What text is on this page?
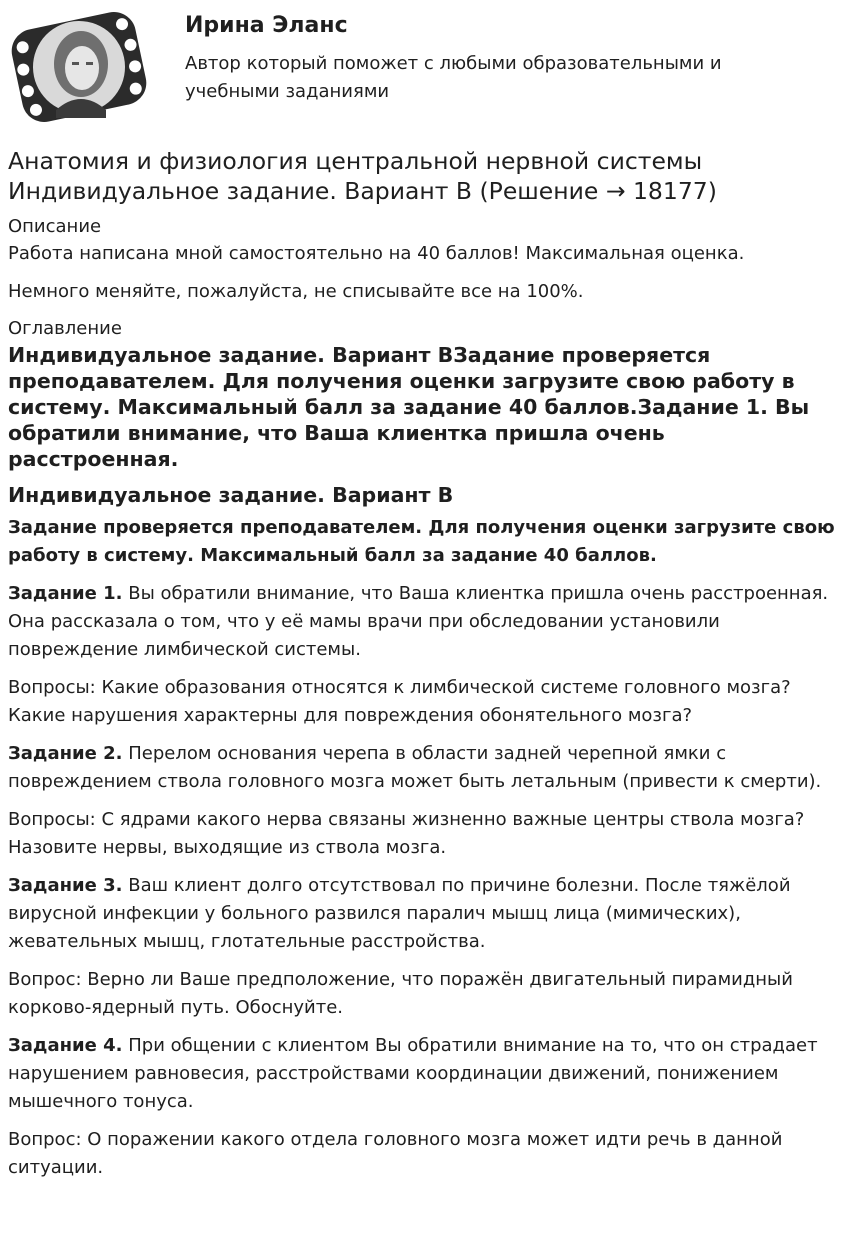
Ирина Эланс

Автор который поможет с любыми образовательными и учебными заданиями

Анатомия и физиология центральной нервной системы
Индивидуальное задание. Вариант В (Решение → 18177)
Описание

Работа написана мной самостоятельно на 40 баллов! Максимальная оценка.

Немного меняйте, пожалуйста, не списывайте все на 100%.

Оглавление
Индивидуальное задание. Вариант ВЗадание проверяется преподавателем. Для получения оценки загрузите свою работу в систему. Максимальный балл за задание 40 баллов.Задание 1. Вы обратили внимание, что Ваша клиентка пришла очень расстроенная.
Индивидуальное задание. Вариант В
Задание проверяется преподавателем. Для получения оценки загрузите свою работу в систему. Максимальный балл за задание 40 баллов.

Задание 1. Вы обратили внимание, что Ваша клиентка пришла очень расстроенная. Она рассказала о том, что у её мамы врачи при обследовании установили повреждение лимбической системы.

Вопросы: Какие образования относятся к лимбической системе головного мозга? Какие нарушения характерны для повреждения обонятельного мозга?

Задание 2. Перелом основания черепа в области задней черепной ямки с повреждением ствола головного мозга может быть летальным (привести к смерти).

Вопросы: С ядрами какого нерва связаны жизненно важные центры ствола мозга? Назовите нервы, выходящие из ствола мозга.

Задание 3. Ваш клиент долго отсутствовал по причине болезни. После тяжёлой вирусной инфекции у больного развился паралич мышц лица (мимических), жевательных мышц, глотательные расстройства.

Вопрос: Верно ли Ваше предположение, что поражён двигательный пирамидный корково-ядерный путь. Обоснуйте.

Задание 4. При общении с клиентом Вы обратили внимание на то, что он страдает нарушением равновесия, расстройствами координации движений, понижением мышечного тонуса.

Вопрос: О поражении какого отдела головного мозга может идти речь в данной ситуации.
